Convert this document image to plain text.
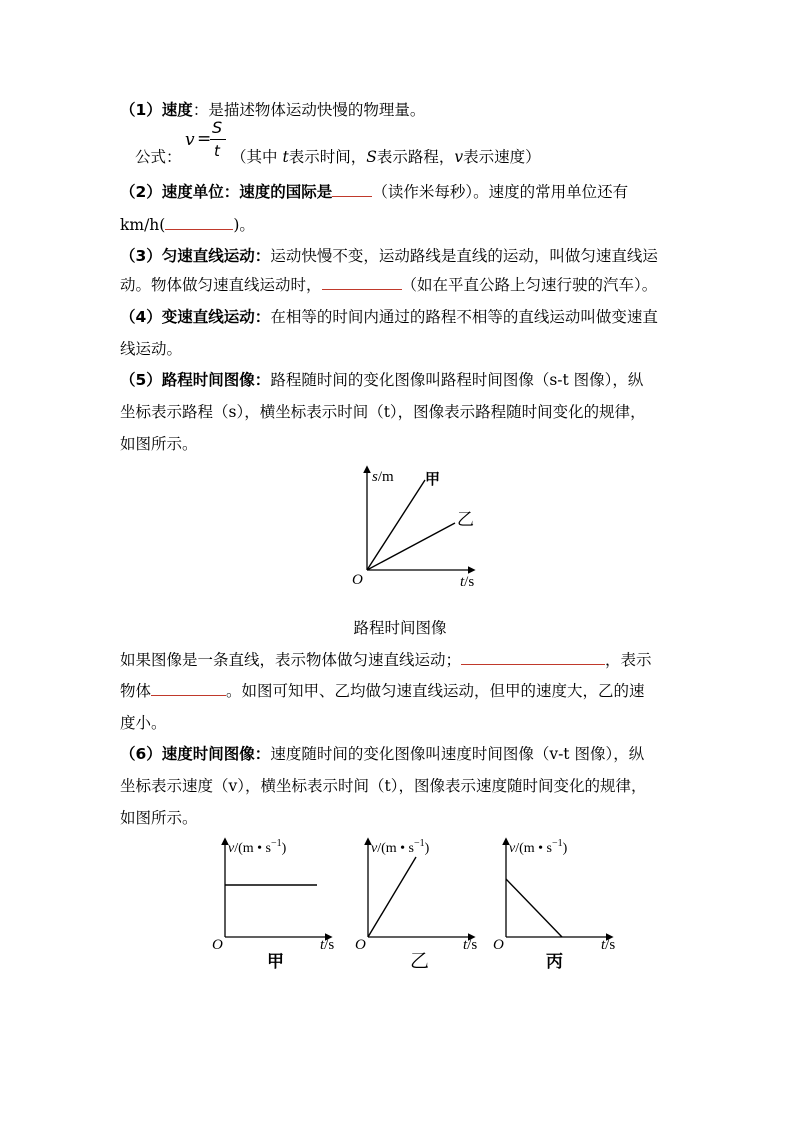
（1）速度：是描述物体运动快慢的物理量。
公式：
v =
S
t （其中 t表示时间，S表示路程，v表示速度）
（2）速度单位：速度的国际是	（读作米每秒）。速度的常用单位还有
km/h(	)。
（3）匀速直线运动：运动快慢不变，运动路线是直线的运动，叫做匀速直线运
动。物体做匀速直线运动时，	（如在平直公路上匀速行驶的汽车）。
（4）变速直线运动：在相等的时间内通过的路程不相等的直线运动叫做变速直
线运动。
（5）路程时间图像：路程随时间的变化图像叫路程时间图像（s-t 图像），纵
坐标表示路程（s），横坐标表示时间（t），图像表示路程随时间变化的规律，
如图所示。
s/m 甲
乙
O	t/s
路程时间图像
如果图像是一条直线，表示物体做匀速直线运动；	，表示
物体	。如图可知甲、乙均做匀速直线运动，但甲的速度大，乙的速
度小。
（6）速度时间图像：速度随时间的变化图像叫速度时间图像（v-t 图像），纵
坐标表示速度（v），横坐标表示时间（t），图像表示速度随时间变化的规律，
如图所示。
v/(m • $s^{-1}$)
O	t/s
甲
v/(m • $s^{-1}$)
O	t/s
乙
v/(m • $s^{-1}$)
O	t/s
丙
